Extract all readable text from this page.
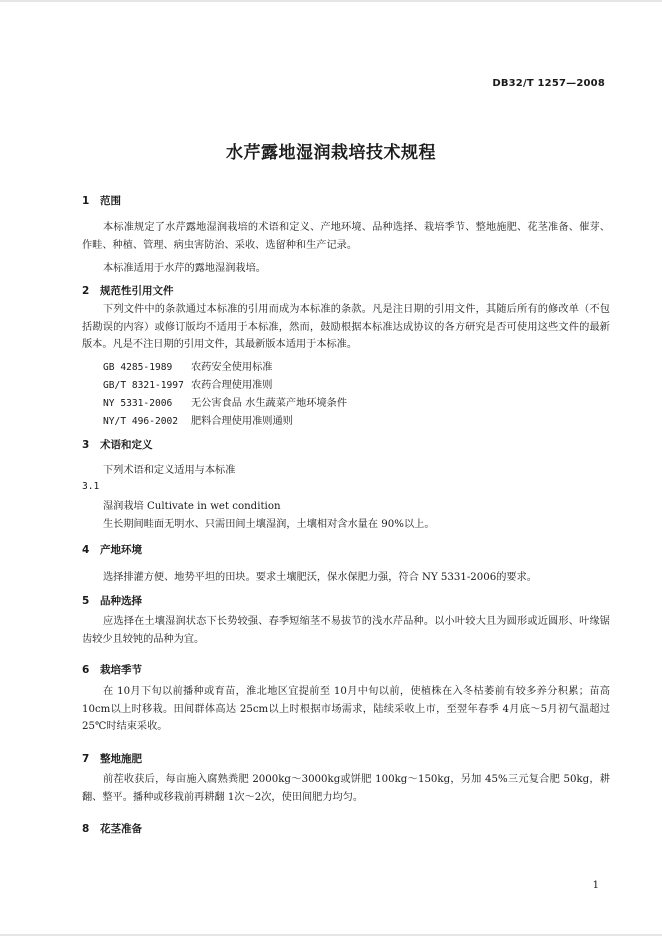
DB32/T 1257—2008
水芹露地湿润栽培技术规程
1 范围
本标准规定了水芹露地湿润栽培的术语和定义、产地环境、品种选择、栽培季节、整地施肥、花茎准备、催芽、作畦、种植、管理、病虫害防治、采收、选留种和生产记录。
本标准适用于水芹的露地湿润栽培。
2 规范性引用文件
下列文件中的条款通过本标准的引用而成为本标准的条款。凡是注日期的引用文件，其随后所有的修改单（不包括勘误的内容）或修订版均不适用于本标准，然而，鼓励根据本标准达成协议的各方研究是否可使用这些文件的最新版本。凡是不注日期的引用文件，其最新版本适用于本标准。
GB 4285-1989 农药安全使用标准
GB/T 8321-1997 农药合理使用准则
NY 5331-2006 无公害食品 水生蔬菜产地环境条件
NY/T 496-2002 肥料合理使用准则通则
3 术语和定义
下列术语和定义适用与本标准
3.1
湿润栽培 Cultivate in wet condition
生长期间畦面无明水、只需田间土壤湿润，土壤相对含水量在 90%以上。
4 产地环境
选择排灌方便、地势平坦的田块。要求土壤肥沃，保水保肥力强，符合 NY 5331-2006的要求。
5 品种选择
应选择在土壤湿润状态下长势较强、春季短缩茎不易拔节的浅水芹品种。以小叶较大且为圆形或近圆形、叶缘锯齿较少且较钝的品种为宜。
6 栽培季节
在 10月下旬以前播种或育苗，淮北地区宜提前至 10月中旬以前，使植株在入冬枯萎前有较多养分积累；苗高 10cm以上时移栽。田间群体高达 25cm以上时根据市场需求，陆续采收上市，至翌年春季 4月底～5月初气温超过 25℃时结束采收。
7 整地施肥
前茬收获后，每亩施入腐熟粪肥 2000kg～3000kg或饼肥 100kg～150kg，另加 45%三元复合肥 50kg，耕翻、整平。播种或移栽前再耕翻 1次～2次，使田间肥力均匀。
8 花茎准备
1
